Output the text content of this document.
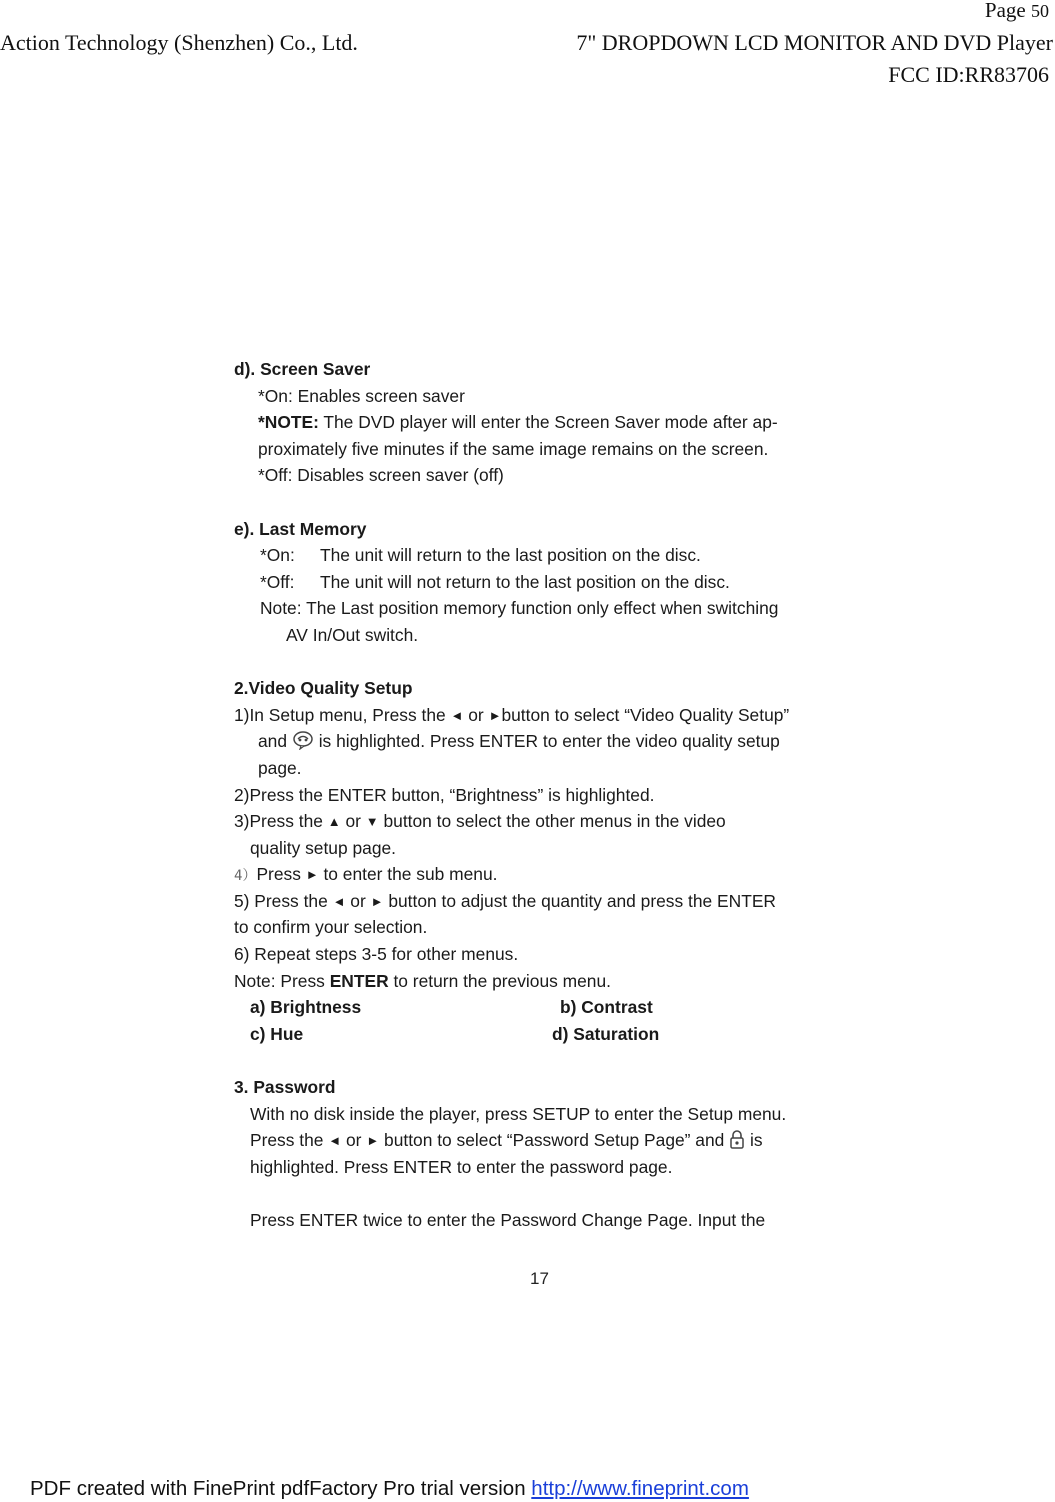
Page 50
Action Technology (Shenzhen) Co., Ltd.	7" DROPDOWN LCD MONITOR AND DVD Player
FCC ID:RR83706

d). Screen Saver

*On: Enables screen saver

*NOTE: The DVD player will enter the Screen Saver mode after ap-

proximately five minutes if the same image remains on the screen.

*Off: Disables screen saver (off)

e). Last Memory

*On: The unit will return to the last position on the disc.

*Off: The unit will not return to the last position on the disc.

Note: The Last position memory function only effect when switching

AV In/Out switch.

2.Video Quality Setup

1)In Setup menu, Press the ◄ or ►button to select “Video Quality Setup”

and  is highlighted. Press ENTER to enter the video quality setup

page.

2)Press the ENTER button, “Brightness” is highlighted.

3)Press the ▲ or ▼ button to select the other menus in the video

quality setup page.

4）Press ► to enter the sub menu.

5) Press the ◄ or ► button to adjust the quantity and press the ENTER

to confirm your selection.

6) Repeat steps 3-5 for other menus.

Note: Press ENTER to return the previous menu.

a) Brightness	b) Contrast

c) Hue	d) Saturation

3. Password

With no disk inside the player, press SETUP to enter the Setup menu.

Press the ◄ or ► button to select “Password Setup Page” and  is

highlighted. Press ENTER to enter the password page.

Press ENTER twice to enter the Password Change Page. Input the

17
PDF created with FinePrint pdfFactory Pro trial version http://www.fineprint.com
